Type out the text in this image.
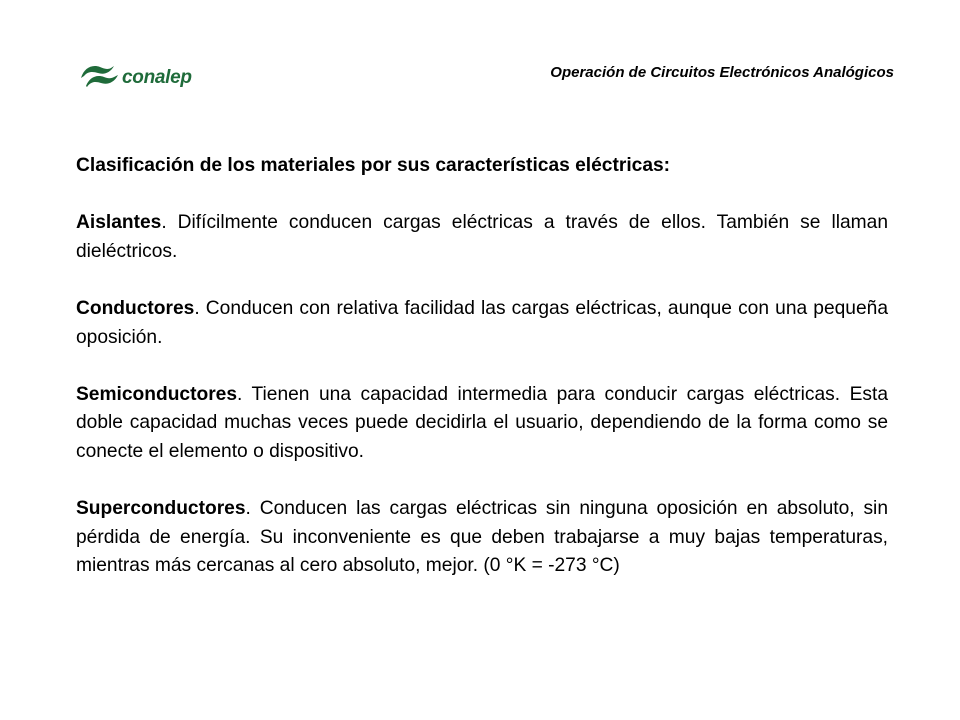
conalep	Operación de Circuitos Electrónicos Analógicos

Clasificación de los materiales por sus características eléctricas:

Aislantes. Difícilmente conducen cargas eléctricas a través de ellos. También se llaman dieléctricos.

Conductores. Conducen con relativa facilidad las cargas eléctricas, aunque con una pequeña oposición.

Semiconductores. Tienen una capacidad intermedia para conducir cargas eléctricas. Esta doble capacidad muchas veces puede decidirla el usuario, dependiendo de la forma como se conecte el elemento o dispositivo.

Superconductores. Conducen las cargas eléctricas sin ninguna oposición en absoluto, sin pérdida de energía. Su inconveniente es que deben trabajarse a muy bajas temperaturas, mientras más cercanas al cero absoluto, mejor. (0 °K = -273 °C)
